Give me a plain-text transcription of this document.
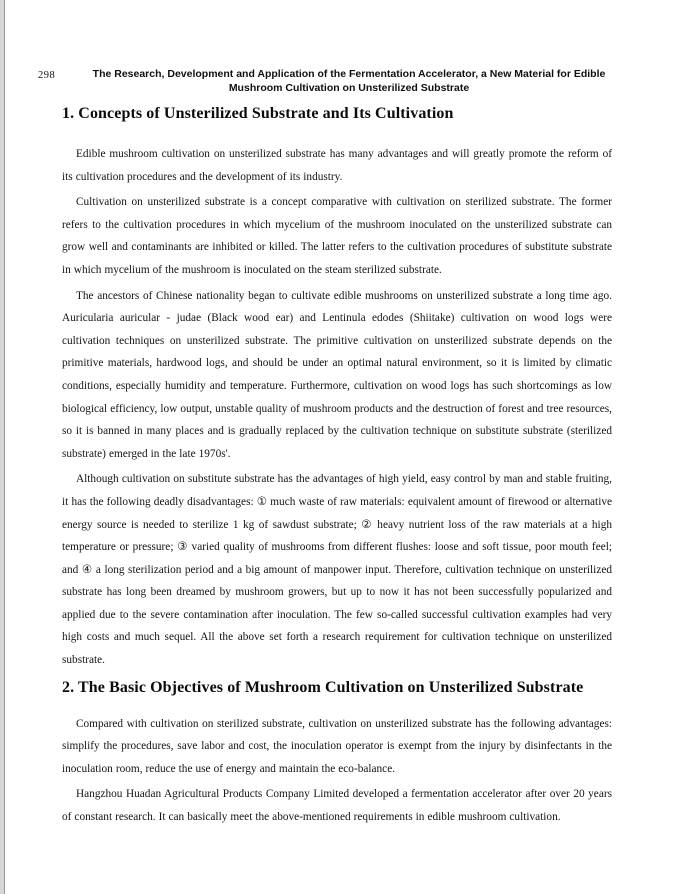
298	The Research, Development and Application of the Fermentation Accelerator, a New Material for Edible
Mushroom Cultivation on Unsterilized Substrate
1. Concepts of Unsterilized Substrate and Its Cultivation

Edible mushroom cultivation on unsterilized substrate has many advantages and will greatly promote the reform of its cultivation procedures and the development of its industry.

Cultivation on unsterilized substrate is a concept comparative with cultivation on sterilized substrate. The former refers to the cultivation procedures in which mycelium of the mushroom inoculated on the unsterilized substrate can grow well and contaminants are inhibited or killed. The latter refers to the cultivation procedures of substitute substrate in which mycelium of the mushroom is inoculated on the steam sterilized substrate.

The ancestors of Chinese nationality began to cultivate edible mushrooms on unsterilized substrate a long time ago. Auricularia auricular - judae (Black wood ear) and Lentinula edodes (Shiitake) cultivation on wood logs were cultivation techniques on unsterilized substrate. The primitive cultivation on unsterilized substrate depends on the primitive materials, hardwood logs, and should be under an optimal natural environment, so it is limited by climatic conditions, especially humidity and temperature. Furthermore, cultivation on wood logs has such shortcomings as low biological efficiency, low output, unstable quality of mushroom products and the destruction of forest and tree resources, so it is banned in many places and is gradually replaced by the cultivation technique on substitute substrate (sterilized substrate) emerged in the late 1970s'.

Although cultivation on substitute substrate has the advantages of high yield, easy control by man and stable fruiting, it has the following deadly disadvantages: ① much waste of raw materials: equivalent amount of firewood or alternative energy source is needed to sterilize 1 kg of sawdust substrate; ② heavy nutrient loss of the raw materials at a high temperature or pressure; ③ varied quality of mushrooms from different flushes: loose and soft tissue, poor mouth feel; and ④ a long sterilization period and a big amount of manpower input. Therefore, cultivation technique on unsterilized substrate has long been dreamed by mushroom growers, but up to now it has not been successfully popularized and applied due to the severe contamination after inoculation. The few so-called successful cultivation examples had very high costs and much sequel. All the above set forth a research requirement for cultivation technique on unsterilized substrate.

2. The Basic Objectives of Mushroom Cultivation on Unsterilized Substrate

Compared with cultivation on sterilized substrate, cultivation on unsterilized substrate has the following advantages: simplify the procedures, save labor and cost, the inoculation operator is exempt from the injury by disinfectants in the inoculation room, reduce the use of energy and maintain the eco-balance.

Hangzhou Huadan Agricultural Products Company Limited developed a fermentation accelerator after over 20 years of constant research. It can basically meet the above-mentioned requirements in edible mushroom cultivation.
